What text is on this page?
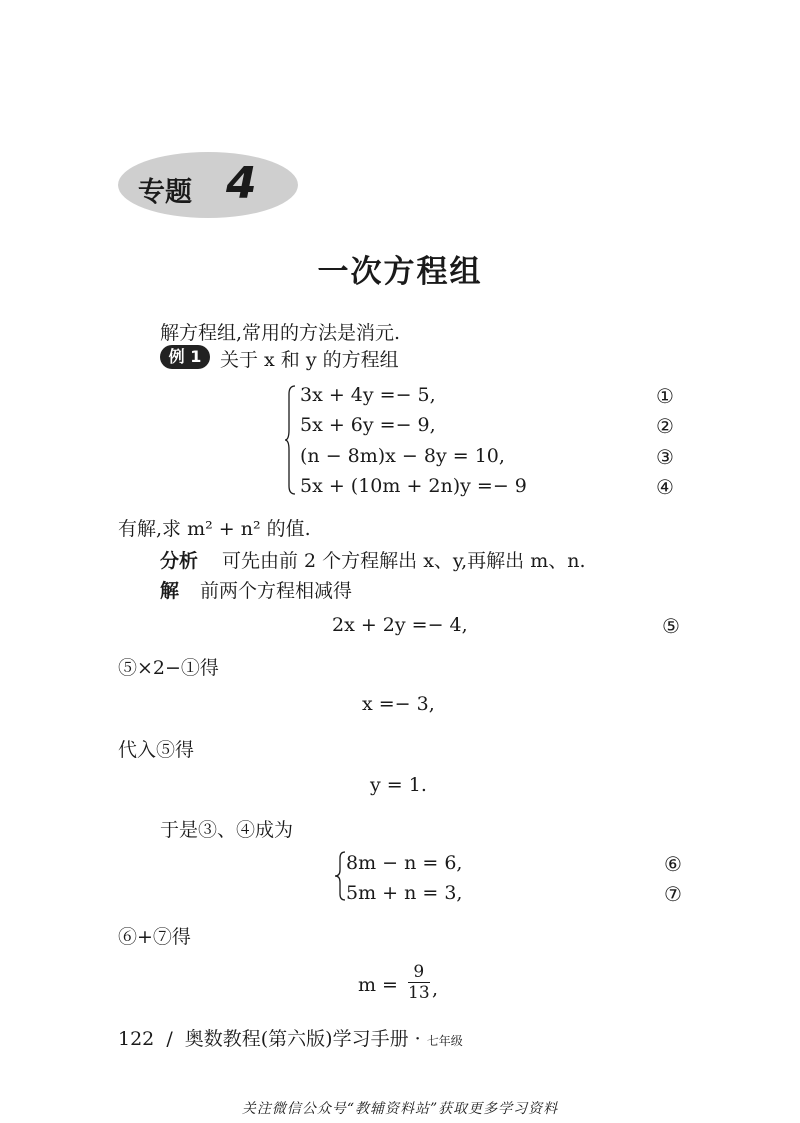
专题 4
一次方程组
解方程组,常用的方法是消元.
例 1 关于 x 和 y 的方程组
3x + 4y =− 5,	①
5x + 6y =− 9,	②
(n − 8m)x − 8y = 10,	③
5x + (10m + 2n)y =− 9	④
有解,求 m² + n² 的值.
分析 可先由前 2 个方程解出 x、y,再解出 m、n.
解 前两个方程相减得
2x + 2y =− 4,	⑤
⑤×2−①得
x =− 3,
代入⑤得
y = 1.
于是③、④成为
8m − n = 6,	⑥
5m + n = 3,	⑦
⑥+⑦得
m =
9
13 ,
122 / 奥数教程(第六版)学习手册 · 七年级
关注微信公众号“教辅资料站”获取更多学习资料
